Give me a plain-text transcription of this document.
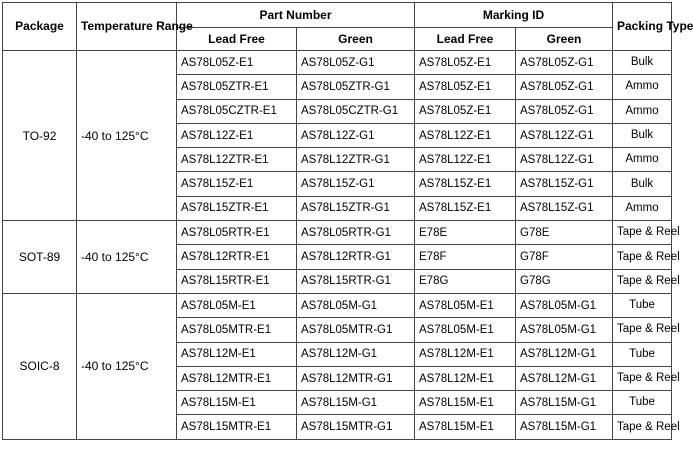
Package	Temperature Range	Part Number		Marking ID		Packing Type
		Lead Free	Green	Lead Free	Green	
TO-92	-40 to 125°C	AS78L05Z-E1	AS78L05Z-G1	AS78L05Z-E1	AS78L05Z-G1	Bulk
		AS78L05ZTR-E1	AS78L05ZTR-G1	AS78L05Z-E1	AS78L05Z-G1	Ammo
		AS78L05CZTR-E1	AS78L05CZTR-G1	AS78L05Z-E1	AS78L05Z-G1	Ammo
		AS78L12Z-E1	AS78L12Z-G1	AS78L12Z-E1	AS78L12Z-G1	Bulk
		AS78L12ZTR-E1	AS78L12ZTR-G1	AS78L12Z-E1	AS78L12Z-G1	Ammo
		AS78L15Z-E1	AS78L15Z-G1	AS78L15Z-E1	AS78L15Z-G1	Bulk
		AS78L15ZTR-E1	AS78L15ZTR-G1	AS78L15Z-E1	AS78L15Z-G1	Ammo
SOT-89	-40 to 125°C	AS78L05RTR-E1	AS78L05RTR-G1	E78E	G78E	Tape & Reel
		AS78L12RTR-E1	AS78L12RTR-G1	E78F	G78F	Tape & Reel
		AS78L15RTR-E1	AS78L15RTR-G1	E78G	G78G	Tape & Reel
SOIC-8	-40 to 125°C	AS78L05M-E1	AS78L05M-G1	AS78L05M-E1	AS78L05M-G1	Tube
		AS78L05MTR-E1	AS78L05MTR-G1	AS78L05M-E1	AS78L05M-G1	Tape & Reel
		AS78L12M-E1	AS78L12M-G1	AS78L12M-E1	AS78L12M-G1	Tube
		AS78L12MTR-E1	AS78L12MTR-G1	AS78L12M-E1	AS78L12M-G1	Tape & Reel
		AS78L15M-E1	AS78L15M-G1	AS78L15M-E1	AS78L15M-G1	Tube
		AS78L15MTR-E1	AS78L15MTR-G1	AS78L15M-E1	AS78L15M-G1	Tape & Reel
